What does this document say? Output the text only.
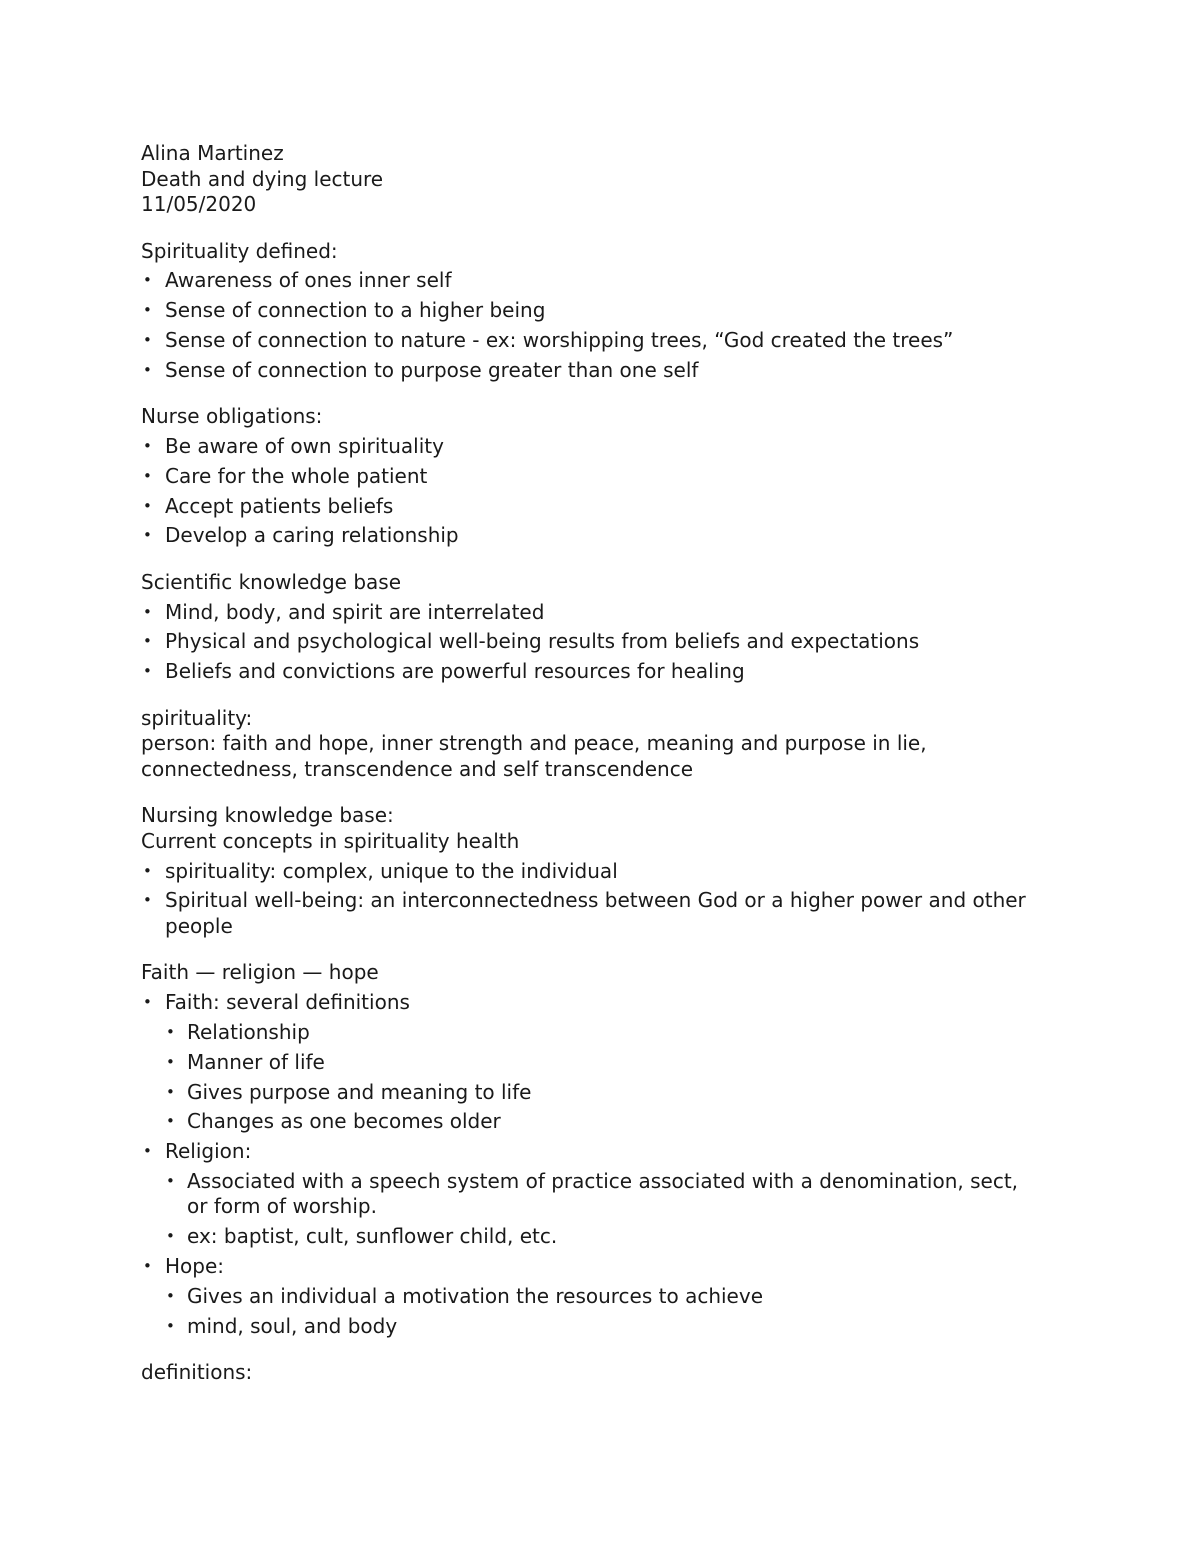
Alina Martinez
Death and dying lecture
11/05/2020
Spirituality defined:
•
Awareness of ones inner self
•
Sense of connection to a higher being
•
Sense of connection to nature - ex: worshipping trees, “God created the trees”
•
Sense of connection to purpose greater than one self
Nurse obligations:
•
Be aware of own spirituality
•
Care for the whole patient
•
Accept patients beliefs
•
Develop a caring relationship
Scientific knowledge base
•
Mind, body, and spirit are interrelated
•
Physical and psychological well-being results from beliefs and expectations
•
Beliefs and convictions are powerful resources for healing
spirituality:
person: faith and hope, inner strength and peace, meaning and purpose in lie, connectedness, transcendence and self transcendence
Nursing knowledge base:
Current concepts in spirituality health
•
spirituality: complex, unique to the individual
•
Spiritual well-being: an interconnectedness between God or a higher power and other people
Faith — religion — hope
•
Faith: several definitions
•
Relationship
•
Manner of life
•
Gives purpose and meaning to life
•
Changes as one becomes older
•
Religion:
•
Associated with a speech system of practice associated with a denomination, sect, or form of worship.
•
ex: baptist, cult, sunflower child, etc.
•
Hope:
•
Gives an individual a motivation the resources to achieve
•
mind, soul, and body
definitions:
